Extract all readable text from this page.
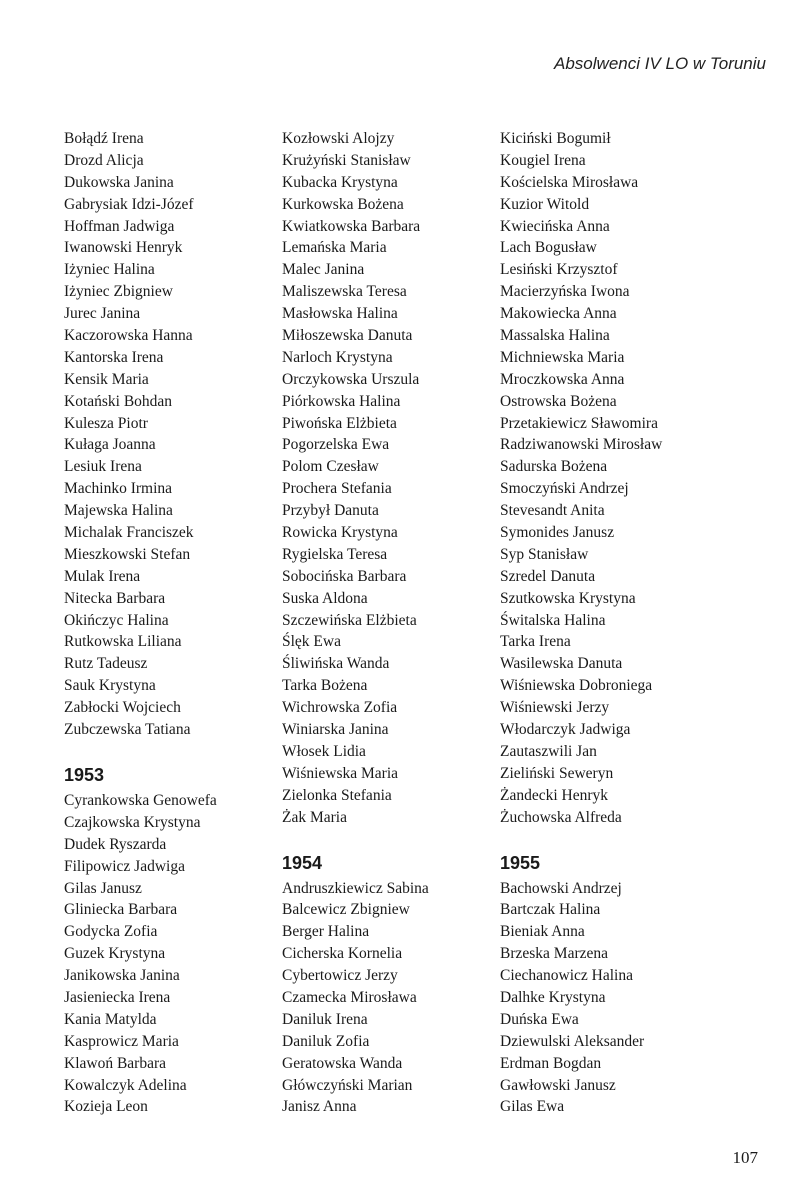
Absolwenci IV LO w Toruniu
Bołądź Irena
Drozd Alicja
Dukowska Janina
Gabrysiak Idzi-Józef
Hoffman Jadwiga
Iwanowski Henryk
Iżyniec Halina
Iżyniec Zbigniew
Jurec Janina
Kaczorowska Hanna
Kantorska Irena
Kensik Maria
Kotański Bohdan
Kulesza Piotr
Kułaga Joanna
Lesiuk Irena
Machinko Irmina
Majewska Halina
Michalak Franciszek
Mieszkowski Stefan
Mulak Irena
Nitecka Barbara
Okińczyc Halina
Rutkowska Liliana
Rutz Tadeusz
Sauk Krystyna
Zabłocki Wojciech
Zubczewska Tatiana
1953
Cyrankowska Genowefa
Czajkowska Krystyna
Dudek Ryszarda
Filipowicz Jadwiga
Gilas Janusz
Gliniecka Barbara
Godycka Zofia
Guzek Krystyna
Janikowska Janina
Jasieniecka Irena
Kania Matylda
Kasprowicz Maria
Klawoń Barbara
Kowalczyk Adelina
Kozieja Leon
Kozłowski Alojzy
Krużyński Stanisław
Kubacka Krystyna
Kurkowska Bożena
Kwiatkowska Barbara
Lemańska Maria
Malec Janina
Maliszewska Teresa
Masłowska Halina
Miłoszewska Danuta
Narloch Krystyna
Orczykowska Urszula
Piórkowska Halina
Piwońska Elżbieta
Pogorzelska Ewa
Polom Czesław
Prochera Stefania
Przybył Danuta
Rowicka Krystyna
Rygielska Teresa
Sobocińska Barbara
Suska Aldona
Szczewińska Elżbieta
Ślęk Ewa
Śliwińska Wanda
Tarka Bożena
Wichrowska Zofia
Winiarska Janina
Włosek Lidia
Wiśniewska Maria
Zielonka Stefania
Żak Maria
1954
Andruszkiewicz Sabina
Balcewicz Zbigniew
Berger Halina
Cicherska Kornelia
Cybertowicz Jerzy
Czamecka Mirosława
Daniluk Irena
Daniluk Zofia
Geratowska Wanda
Główczyński Marian
Janisz Anna
Kiciński Bogumił
Kougiel Irena
Kościelska Mirosława
Kuzior Witold
Kwiecińska Anna
Lach Bogusław
Lesiński Krzysztof
Macierzyńska Iwona
Makowiecka Anna
Massalska Halina
Michniewska Maria
Mroczkowska Anna
Ostrowska Bożena
Przetakiewicz Sławomira
Radziwanowski Mirosław
Sadurska Bożena
Smoczyński Andrzej
Stevesandt Anita
Symonides Janusz
Syp Stanisław
Szredel Danuta
Szutkowska Krystyna
Świtalska Halina
Tarka Irena
Wasilewska Danuta
Wiśniewska Dobroniega
Wiśniewski Jerzy
Włodarczyk Jadwiga
Zautaszwili Jan
Zieliński Seweryn
Żandecki Henryk
Żuchowska Alfreda
1955
Bachowski Andrzej
Bartczak Halina
Bieniak Anna
Brzeska Marzena
Ciechanowicz Halina
Dalhke Krystyna
Duńska Ewa
Dziewulski Aleksander
Erdman Bogdan
Gawłowski Janusz
Gilas Ewa
107
